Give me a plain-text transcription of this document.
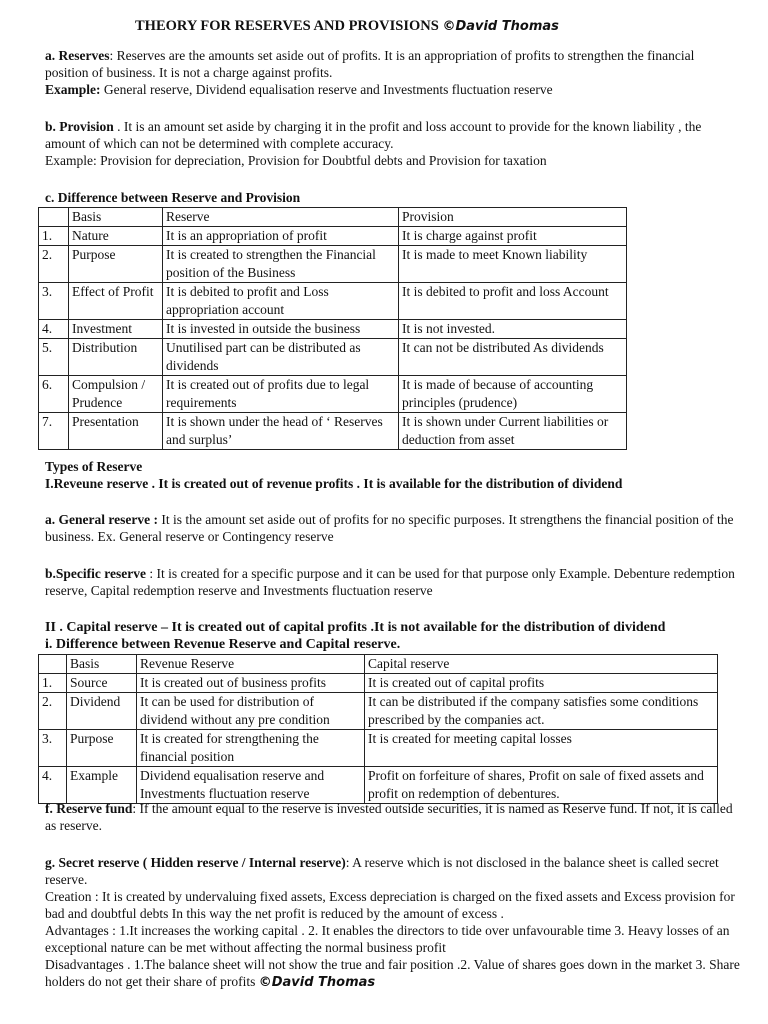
THEORY FOR RESERVES AND PROVISIONS ©David Thomas
a. Reserves: Reserves are the amounts set aside out of profits. It is an appropriation of profits to strengthen the financial position of business. It is not a charge against profits.
Example: General reserve, Dividend equalisation reserve and Investments fluctuation reserve
b. Provision . It is an amount set aside by charging it in the profit and loss account to provide for the known liability , the amount of which can not be determined with complete accuracy.
Example: Provision for depreciation, Provision for Doubtful debts and Provision for taxation
c. Difference between Reserve and Provision
	Basis	Reserve	Provision
1.	Nature	It is an appropriation of profit	It is charge against profit
2.	Purpose	It is created to strengthen the Financial position of the Business	It is made to meet Known liability
3.	Effect of Profit	It is debited to profit and Loss appropriation account	It is debited to profit and loss Account
4.	Investment	It is invested in outside the business	It is not invested.
5.	Distribution	Unutilised part can be distributed as dividends	It can not be distributed As dividends
6.	Compulsion / Prudence	It is created out of profits due to legal requirements	It is made of because of accounting principles (prudence)
7.	Presentation	It is shown under the head of ‘ Reserves and surplus’	It is shown under Current liabilities or deduction from asset
Types of Reserve
I.Reveune reserve . It is created out of revenue profits . It is available for the distribution of dividend
a. General reserve : It is the amount set aside out of profits for no specific purposes. It strengthens the financial position of the business. Ex. General reserve or Contingency reserve
b.Specific reserve : It is created for a specific purpose and it can be used for that purpose only Example. Debenture redemption reserve, Capital redemption reserve and Investments fluctuation reserve
II . Capital reserve – It is created out of capital profits .It is not available for the distribution of dividend
i. Difference between Revenue Reserve and Capital reserve.
	Basis	Revenue Reserve	Capital reserve
1.	Source	It is created out of business profits	It is created out of capital profits
2.	Dividend	It can be used for distribution of dividend without any pre condition	It can be distributed if the company satisfies some conditions prescribed by the companies act.
3.	Purpose	It is created for strengthening the financial position	It is created for meeting capital losses
4.	Example	Dividend equalisation reserve and Investments fluctuation reserve	Profit on forfeiture of shares, Profit on sale of fixed assets and profit on redemption of debentures.
f. Reserve fund: If the amount equal to the reserve is invested outside securities, it is named as Reserve fund. If not, it is called as reserve.
g. Secret reserve ( Hidden reserve / Internal reserve): A reserve which is not disclosed in the balance sheet is called secret reserve.
Creation : It is created by undervaluing fixed assets, Excess depreciation is charged on the fixed assets and Excess provision for bad and doubtful debts In this way the net profit is reduced by the amount of excess .
Advantages : 1.It increases the working capital . 2. It enables the directors to tide over unfavourable time 3. Heavy losses of an exceptional nature can be met without affecting the normal business profit
Disadvantages . 1.The balance sheet will not show the true and fair position .2. Value of shares goes down in the market 3. Share holders do not get their share of profits ©David Thomas
